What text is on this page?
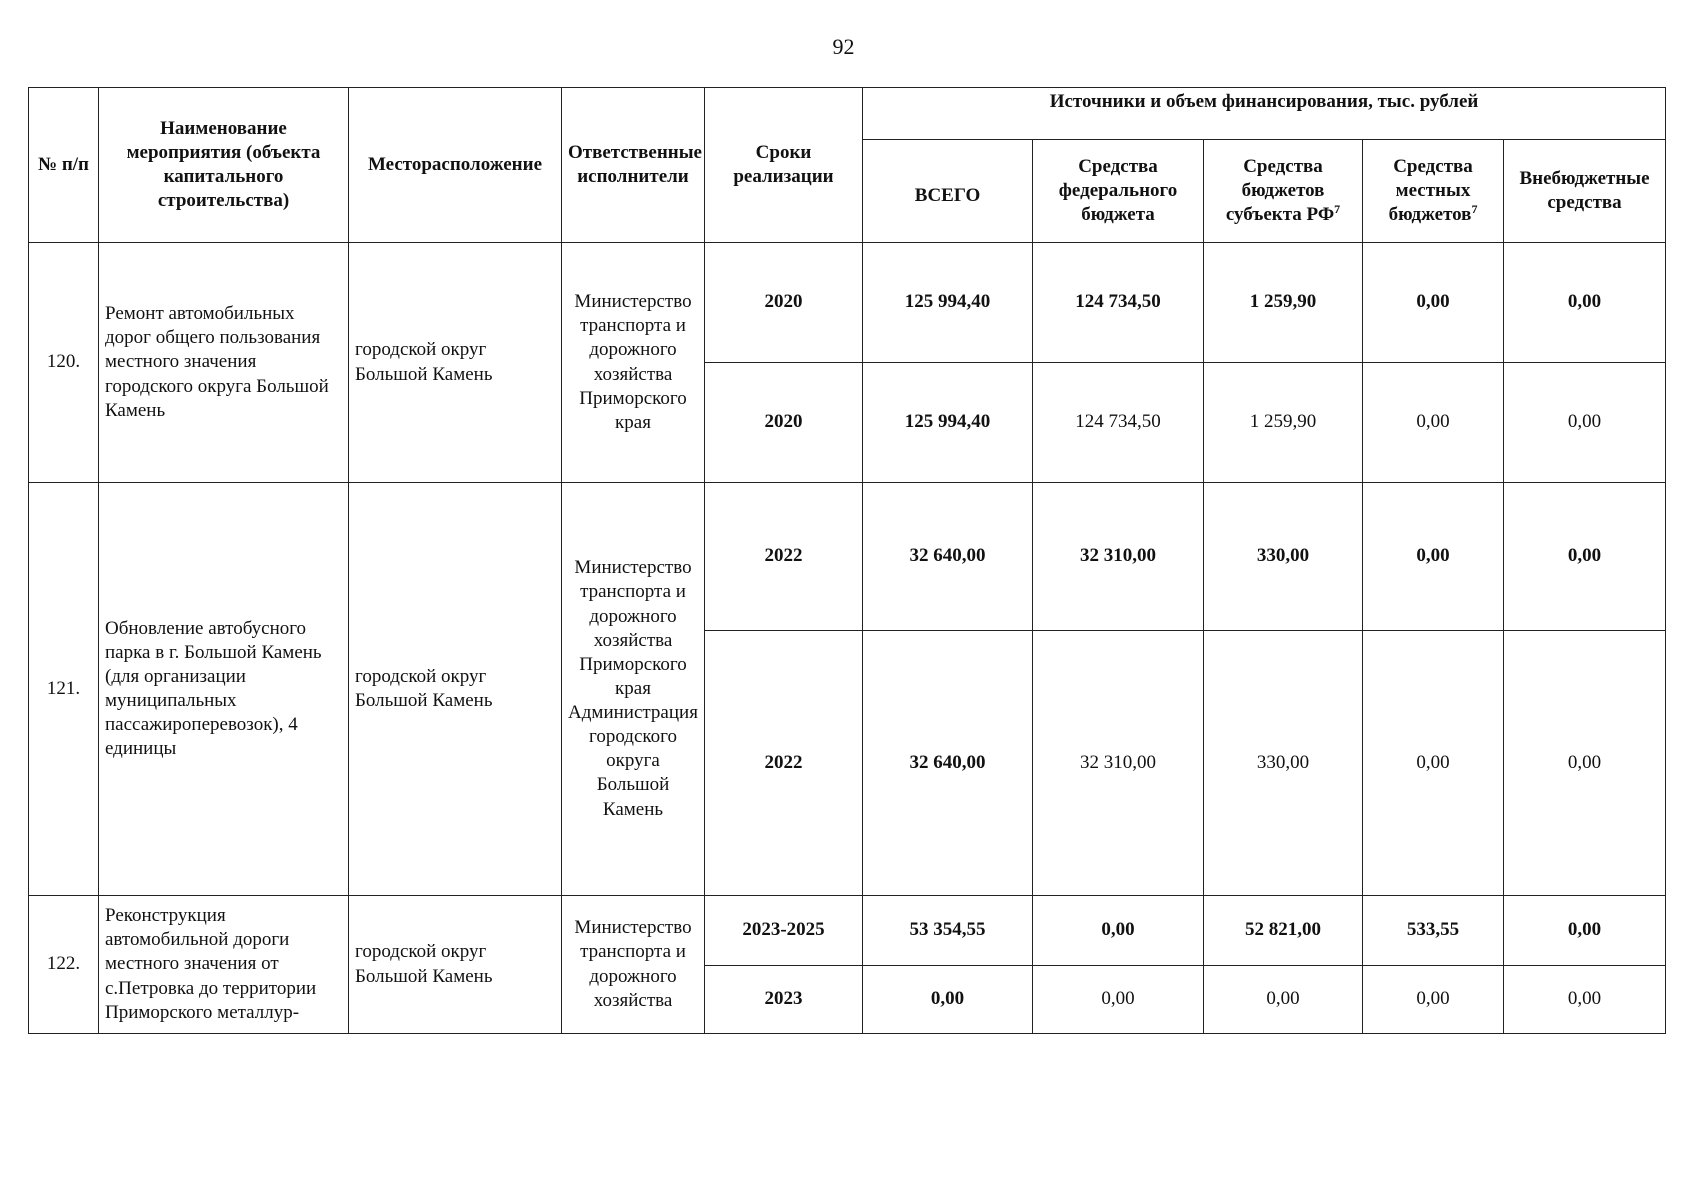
92
№ п/п	Наименование мероприятия (объекта капитального строительства)	Месторасположение	Ответственные исполнители	Сроки реализации	Источники и объем финансирования, тыс. рублей				
					ВСЕГО	Средства федерального бюджета	Средства бюджетов субъекта $РФ^7$	Средства местных бюджетов$^7$	Внебюджетные средства
120.	Ремонт автомобильных дорог общего пользования местного значения городского округа Большой Камень	городской округ Большой Камень	Министерство транспорта и дорожного хозяйства Приморского края	2020	125 994,40	124 734,50	1 259,90	0,00	0,00
				2020	125 994,40	124 734,50	1 259,90	0,00	0,00
121.	Обновление автобусного парка в г. Большой Камень (для организации муниципальных пассажироперевозок), 4 единицы	городской округ Большой Камень	Министерство транспорта и дорожного хозяйства Приморского края Администрация городского округа Большой Камень	2022	32 640,00	32 310,00	330,00	0,00	0,00
				2022	32 640,00	32 310,00	330,00	0,00	0,00
122.	Реконструкция автомобильной дороги местного значения от с.Петровка до территории Приморского металлур-	городской округ Большой Камень	Министерство транспорта и дорожного хозяйства	2023-2025	53 354,55	0,00	52 821,00	533,55	0,00
				2023	0,00	0,00	0,00	0,00	0,00
